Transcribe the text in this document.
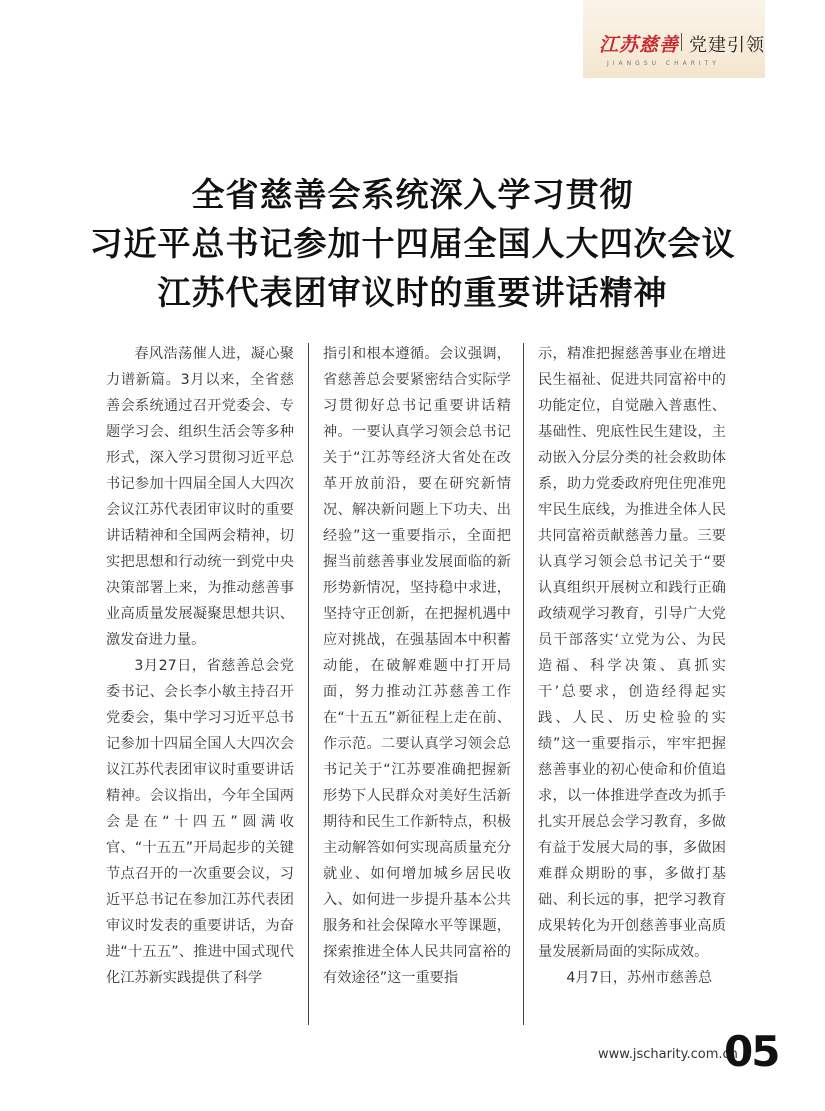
江苏慈善 党建引领
JIANGSU CHARITY
全省慈善会系统深入学习贯彻
习近平总书记参加十四届全国人大四次会议
江苏代表团审议时的重要讲话精神

春风浩荡催人进，凝心聚力谱新篇。3月以来，全省慈善会系统通过召开党委会、专题学习会、组织生活会等多种形式，深入学习贯彻习近平总书记参加十四届全国人大四次会议江苏代表团审议时的重要讲话精神和全国两会精神，切实把思想和行动统一到党中央决策部署上来，为推动慈善事业高质量发展凝聚思想共识、激发奋进力量。

3月27日，省慈善总会党委书记、会长李小敏主持召开党委会，集中学习习近平总书记参加十四届全国人大四次会议江苏代表团审议时重要讲话精神。会议指出，今年全国两会是在“十四五”圆满收官、“十五五”开局起步的关键节点召开的一次重要会议，习近平总书记在参加江苏代表团审议时发表的重要讲话，为奋进“十五五”、推进中国式现代化江苏新实践提供了科学

指引和根本遵循。会议强调，省慈善总会要紧密结合实际学习贯彻好总书记重要讲话精神。一要认真学习领会总书记关于“江苏等经济大省处在改革开放前沿，要在研究新情况、解决新问题上下功夫、出经验”这一重要指示，全面把握当前慈善事业发展面临的新形势新情况，坚持稳中求进，坚持守正创新，在把握机遇中应对挑战，在强基固本中积蓄动能，在破解难题中打开局面，努力推动江苏慈善工作在“十五五”新征程上走在前、作示范。二要认真学习领会总书记关于“江苏要准确把握新形势下人民群众对美好生活新期待和民生工作新特点，积极主动解答如何实现高质量充分就业、如何增加城乡居民收入、如何进一步提升基本公共服务和社会保障水平等课题，探索推进全体人民共同富裕的有效途径”这一重要指

示，精准把握慈善事业在增进民生福祉、促进共同富裕中的功能定位，自觉融入普惠性、基础性、兜底性民生建设，主动嵌入分层分类的社会救助体系，助力党委政府兜住兜准兜牢民生底线，为推进全体人民共同富裕贡献慈善力量。三要认真学习领会总书记关于“要认真组织开展树立和践行正确政绩观学习教育，引导广大党员干部落实‘立党为公、为民造福、科学决策、真抓实干’总要求，创造经得起实践、人民、历史检验的实绩”这一重要指示，牢牢把握慈善事业的初心使命和价值追求，以一体推进学查改为抓手扎实开展总会学习教育，多做有益于发展大局的事，多做困难群众期盼的事，多做打基础、利长远的事，把学习教育成果转化为开创慈善事业高质量发展新局面的实际成效。

4月7日，苏州市慈善总

www.jscharity.com.cn
05
